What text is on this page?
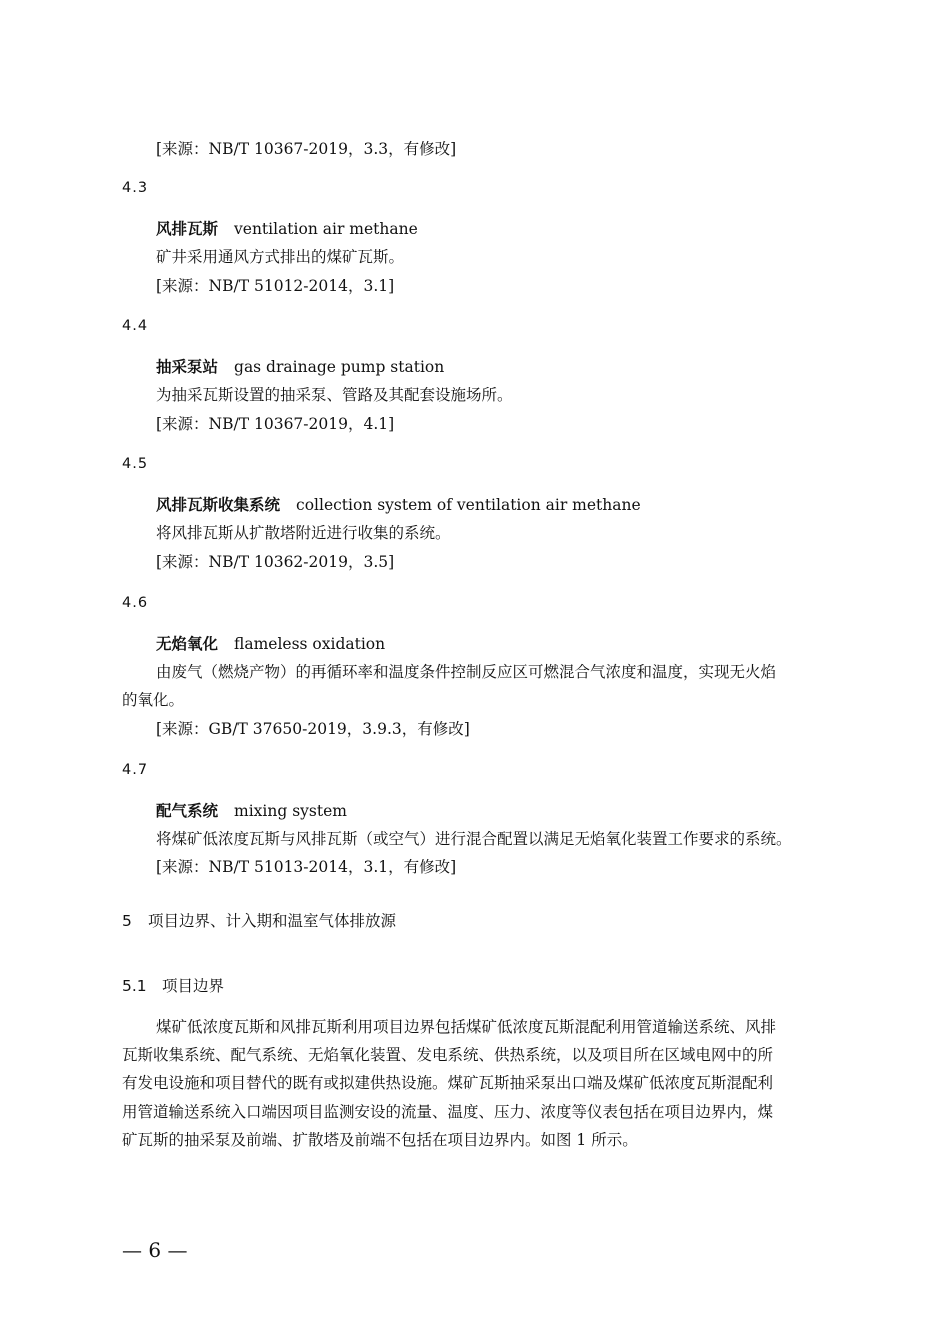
[来源：NB/T 10367-2019，3.3，有修改]
4.3
风排瓦斯 ventilation air methane
矿井采用通风方式排出的煤矿瓦斯。
[来源：NB/T 51012-2014，3.1]
4.4
抽采泵站 gas drainage pump station
为抽采瓦斯设置的抽采泵、管路及其配套设施场所。
[来源：NB/T 10367-2019，4.1]
4.5
风排瓦斯收集系统 collection system of ventilation air methane
将风排瓦斯从扩散塔附近进行收集的系统。
[来源：NB/T 10362-2019，3.5]
4.6
无焰氧化 flameless oxidation
由废气（燃烧产物）的再循环率和温度条件控制反应区可燃混合气浓度和温度，实现无火焰
的氧化。
[来源：GB/T 37650-2019，3.9.3，有修改]
4.7
配气系统 mixing system
将煤矿低浓度瓦斯与风排瓦斯（或空气）进行混合配置以满足无焰氧化装置工作要求的系统。
[来源：NB/T 51013-2014，3.1，有修改]
5 项目边界、计入期和温室气体排放源
5.1 项目边界
煤矿低浓度瓦斯和风排瓦斯利用项目边界包括煤矿低浓度瓦斯混配利用管道输送系统、风排
瓦斯收集系统、配气系统、无焰氧化装置、发电系统、供热系统，以及项目所在区域电网中的所
有发电设施和项目替代的既有或拟建供热设施。煤矿瓦斯抽采泵出口端及煤矿低浓度瓦斯混配利
用管道输送系统入口端因项目监测安设的流量、温度、压力、浓度等仪表包括在项目边界内，煤
矿瓦斯的抽采泵及前端、扩散塔及前端不包括在项目边界内。如图 1 所示。
— 6 —
